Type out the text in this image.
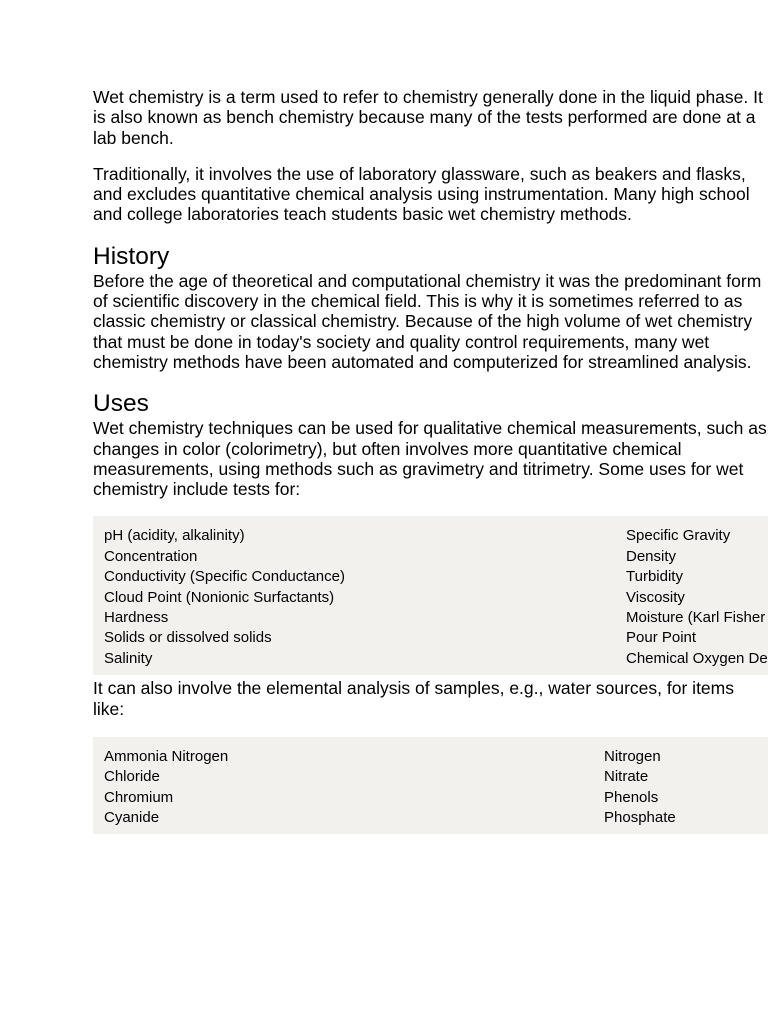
Wet chemistry is a term used to refer to chemistry generally done in the liquid phase. It is also known as bench chemistry because many of the tests performed are done at a lab bench.

Traditionally, it involves the use of laboratory glassware, such as beakers and flasks, and excludes quantitative chemical analysis using instrumentation. Many high school and college laboratories teach students basic wet chemistry methods.

History

Before the age of theoretical and computational chemistry it was the predominant form of scientific discovery in the chemical field. This is why it is sometimes referred to as classic chemistry or classical chemistry. Because of the high volume of wet chemistry that must be done in today's society and quality control requirements, many wet chemistry methods have been automated and computerized for streamlined analysis.

Uses

Wet chemistry techniques can be used for qualitative chemical measurements, such as changes in color (colorimetry), but often involves more quantitative chemical measurements, using methods such as gravimetry and titrimetry. Some uses for wet chemistry include tests for:

pH (acidity, alkalinity)
Concentration
Conductivity (Specific Conductance)
Cloud Point (Nonionic Surfactants)
Hardness
Solids or dissolved solids
Salinity
Specific Gravity
Density
Turbidity
Viscosity
Moisture (Karl Fisher
Pour Point
Chemical Oxygen De

It can also involve the elemental analysis of samples, e.g., water sources, for items like:

Ammonia Nitrogen
Chloride
Chromium
Cyanide
Nitrogen
Nitrate
Phenols
Phosphate
